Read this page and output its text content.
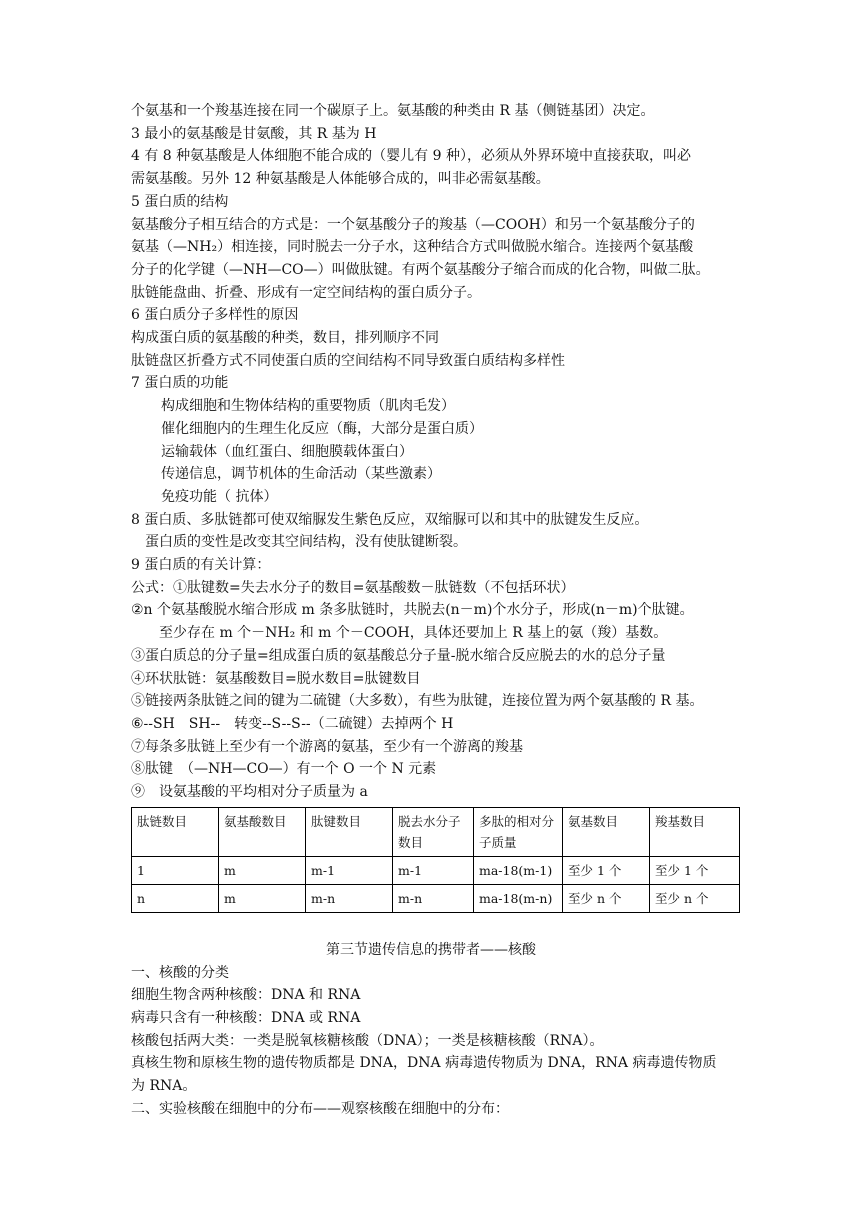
个氨基和一个羧基连接在同一个碳原子上。氨基酸的种类由 R 基（侧链基团）决定。
3 最小的氨基酸是甘氨酸，其 R 基为 H
4 有 8 种氨基酸是人体细胞不能合成的（婴儿有 9 种），必须从外界环境中直接获取，叫必
需氨基酸。另外 12 种氨基酸是人体能够合成的，叫非必需氨基酸。
5 蛋白质的结构
氨基酸分子相互结合的方式是：一个氨基酸分子的羧基（—COOH）和另一个氨基酸分子的
氨基（—NH₂）相连接，同时脱去一分子水，这种结合方式叫做脱水缩合。连接两个氨基酸
分子的化学键（—NH—CO—）叫做肽键。有两个氨基酸分子缩合而成的化合物，叫做二肽。
肽链能盘曲、折叠、形成有一定空间结构的蛋白质分子。
6 蛋白质分子多样性的原因
构成蛋白质的氨基酸的种类，数目，排列顺序不同
肽链盘区折叠方式不同使蛋白质的空间结构不同导致蛋白质结构多样性
7 蛋白质的功能
构成细胞和生物体结构的重要物质（肌肉毛发）
催化细胞内的生理生化反应（酶，大部分是蛋白质）
运输载体（血红蛋白、细胞膜载体蛋白）
传递信息，调节机体的生命活动（某些激素）
免疫功能（ 抗体）
8 蛋白质、多肽链都可使双缩脲发生紫色反应，双缩脲可以和其中的肽键发生反应。
蛋白质的变性是改变其空间结构，没有使肽键断裂。
9 蛋白质的有关计算：
公式：①肽键数=失去水分子的数目=氨基酸数－肽链数（不包括环状）
②n 个氨基酸脱水缩合形成 m 条多肽链时，共脱去(n－m)个水分子，形成(n－m)个肽键。
至少存在 m 个－NH₂ 和 m 个－COOH，具体还要加上 R 基上的氨（羧）基数。
③蛋白质总的分子量=组成蛋白质的氨基酸总分子量-脱水缩合反应脱去的水的总分子量
④环状肽链：氨基酸数目=脱水数目=肽键数目
⑤链接两条肽链之间的键为二硫键（大多数），有些为肽键，连接位置为两个氨基酸的 R 基。
⑥--SH　SH--　转变--S--S--（二硫键）去掉两个 H
⑦每条多肽链上至少有一个游离的氨基，至少有一个游离的羧基
⑧肽键　（—NH—CO—）有一个 O 一个 N 元素
⑨　设氨基酸的平均相对分子质量为 a
肽链数目	氨基酸数目	肽键数目	脱去水分子数目	多肽的相对分子质量	氨基数目	羧基数目
1	m	m-1	m-1	ma-18(m-1)	至少 1 个	至少 1 个
n	m	m-n	m-n	ma-18(m-n)	至少 n 个	至少 n 个
第三节遗传信息的携带者——核酸
一、核酸的分类
细胞生物含两种核酸：DNA 和 RNA
病毒只含有一种核酸：DNA 或 RNA
核酸包括两大类：一类是脱氧核糖核酸（DNA）；一类是核糖核酸（RNA）。
真核生物和原核生物的遗传物质都是 DNA，DNA 病毒遗传物质为 DNA，RNA 病毒遗传物质
为 RNA。
二、实验核酸在细胞中的分布——观察核酸在细胞中的分布：
